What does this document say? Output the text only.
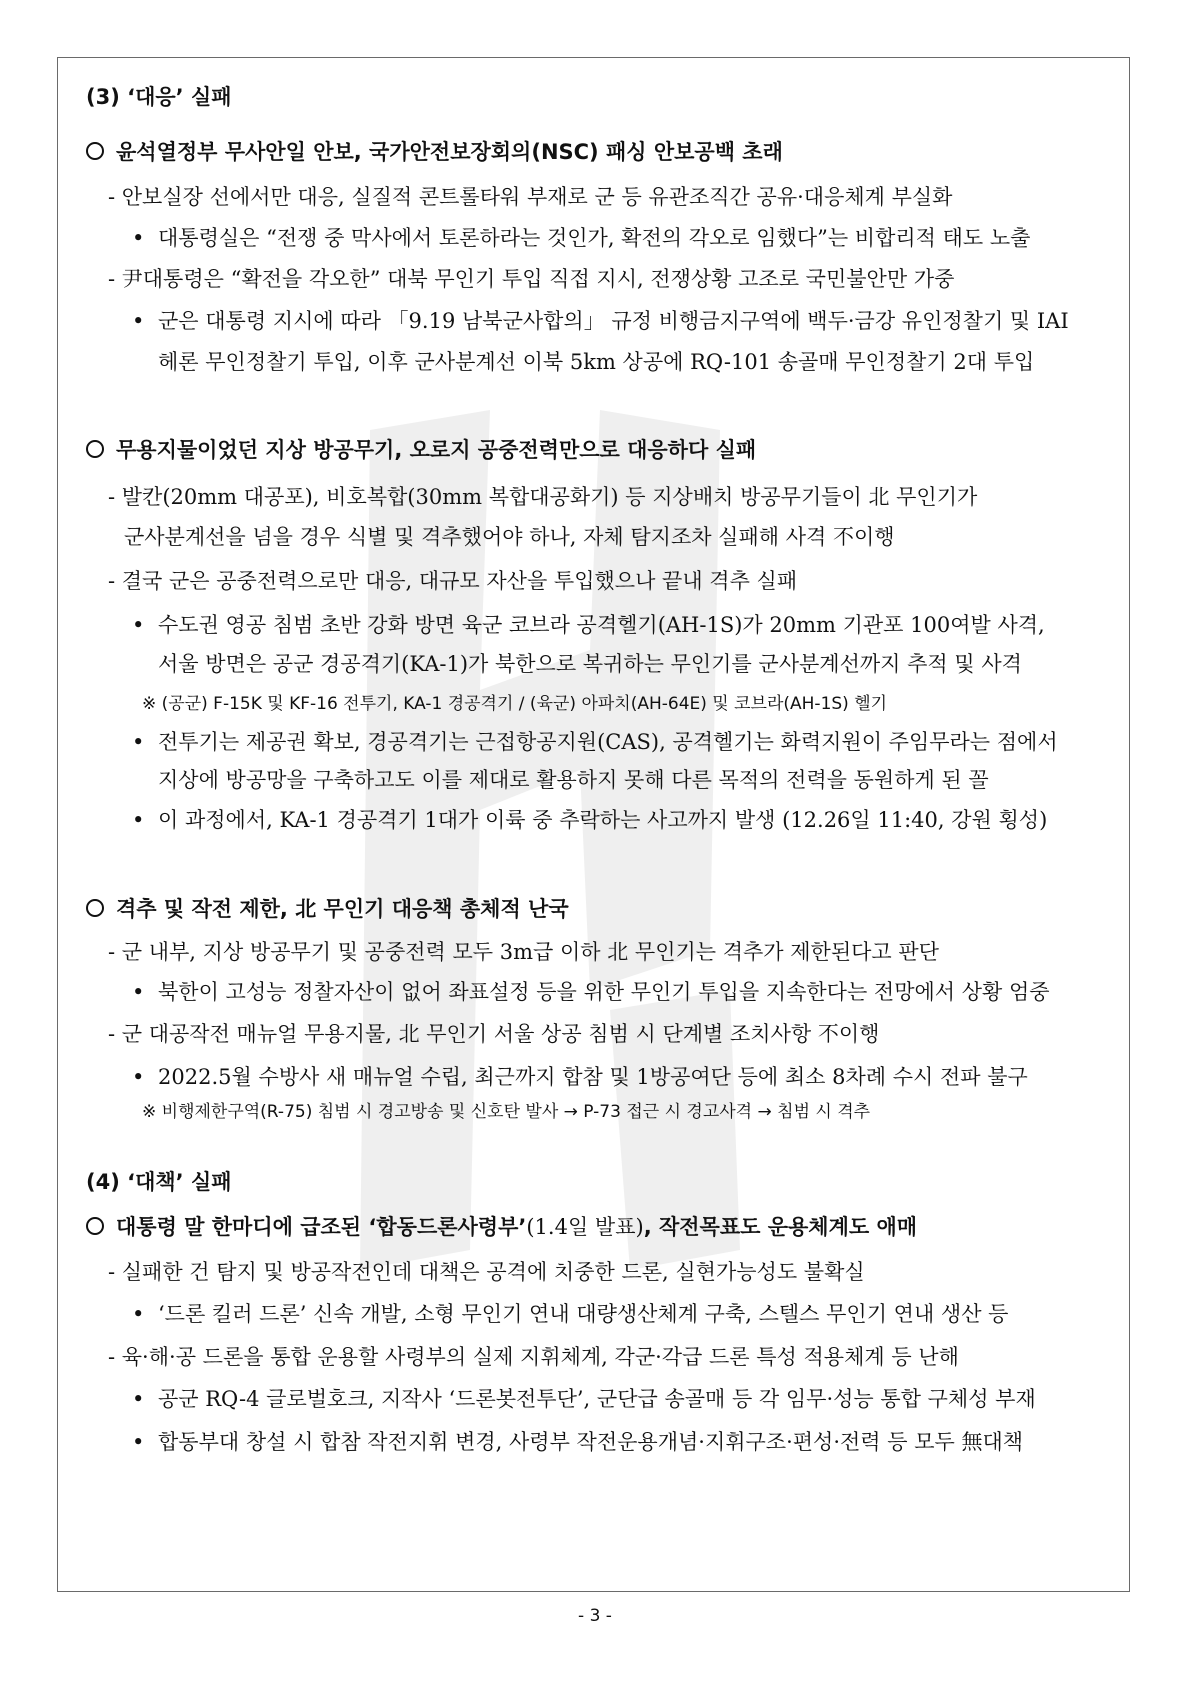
(3) ‘대응’ 실패
윤석열정부 무사안일 안보, 국가안전보장회의(NSC) 패싱 안보공백 초래
- 안보실장 선에서만 대응, 실질적 콘트롤타워 부재로 군 등 유관조직간 공유·대응체계 부실화
• 대통령실은 “전쟁 중 막사에서 토론하라는 것인가, 확전의 각오로 임했다”는 비합리적 태도 노출
- 尹대통령은 “확전을 각오한” 대북 무인기 투입 직접 지시, 전쟁상황 고조로 국민불안만 가중
• 군은 대통령 지시에 따라 「9.19 남북군사합의」 규정 비행금지구역에 백두·금강 유인정찰기 및 IAI
헤론 무인정찰기 투입, 이후 군사분계선 이북 5km 상공에 RQ-101 송골매 무인정찰기 2대 투입
무용지물이었던 지상 방공무기, 오로지 공중전력만으로 대응하다 실패
- 발칸(20mm 대공포), 비호복합(30mm 복합대공화기) 등 지상배치 방공무기들이 北 무인기가
군사분계선을 넘을 경우 식별 및 격추했어야 하나, 자체 탐지조차 실패해 사격 不이행
- 결국 군은 공중전력으로만 대응, 대규모 자산을 투입했으나 끝내 격추 실패
• 수도권 영공 침범 초반 강화 방면 육군 코브라 공격헬기(AH-1S)가 20mm 기관포 100여발 사격,
서울 방면은 공군 경공격기(KA-1)가 북한으로 복귀하는 무인기를 군사분계선까지 추적 및 사격
※ (공군) F-15K 및 KF-16 전투기, KA-1 경공격기 / (육군) 아파치(AH-64E) 및 코브라(AH-1S) 헬기
• 전투기는 제공권 확보, 경공격기는 근접항공지원(CAS), 공격헬기는 화력지원이 주임무라는 점에서
지상에 방공망을 구축하고도 이를 제대로 활용하지 못해 다른 목적의 전력을 동원하게 된 꼴
• 이 과정에서, KA-1 경공격기 1대가 이륙 중 추락하는 사고까지 발생 (12.26일 11:40, 강원 횡성)
격추 및 작전 제한, 北 무인기 대응책 총체적 난국
- 군 내부, 지상 방공무기 및 공중전력 모두 3m급 이하 北 무인기는 격추가 제한된다고 판단
• 북한이 고성능 정찰자산이 없어 좌표설정 등을 위한 무인기 투입을 지속한다는 전망에서 상황 엄중
- 군 대공작전 매뉴얼 무용지물, 北 무인기 서울 상공 침범 시 단계별 조치사항 不이행
• 2022.5월 수방사 새 매뉴얼 수립, 최근까지 합참 및 1방공여단 등에 최소 8차례 수시 전파 불구
※ 비행제한구역(R-75) 침범 시 경고방송 및 신호탄 발사 → P-73 접근 시 경고사격 → 침범 시 격추
(4) ‘대책’ 실패
대통령 말 한마디에 급조된 ‘합동드론사령부’(1.4일 발표), 작전목표도 운용체계도 애매
- 실패한 건 탐지 및 방공작전인데 대책은 공격에 치중한 드론, 실현가능성도 불확실
• ‘드론 킬러 드론’ 신속 개발, 소형 무인기 연내 대량생산체계 구축, 스텔스 무인기 연내 생산 등
- 육·해·공 드론을 통합 운용할 사령부의 실제 지휘체계, 각군·각급 드론 특성 적용체계 등 난해
• 공군 RQ-4 글로벌호크, 지작사 ‘드론봇전투단’, 군단급 송골매 등 각 임무·성능 통합 구체성 부재
• 합동부대 창설 시 합참 작전지휘 변경, 사령부 작전운용개념·지휘구조·편성·전력 등 모두 無대책
- 3 -
